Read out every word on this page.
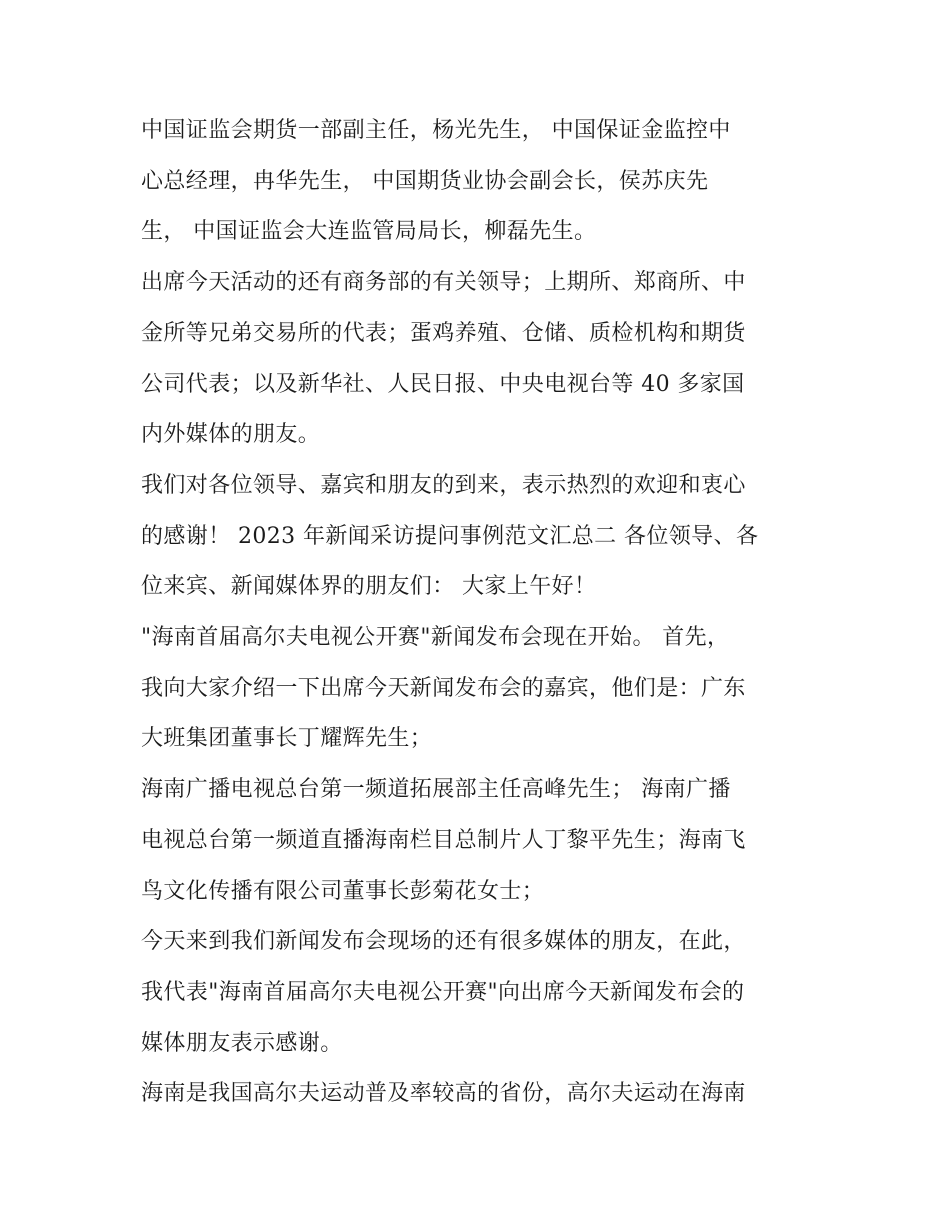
中国证监会期货一部副主任，杨光先生， 中国保证金监控中

心总经理，冉华先生， 中国期货业协会副会长，侯苏庆先

生， 中国证监会大连监管局局长，柳磊先生。

出席今天活动的还有商务部的有关领导；上期所、郑商所、中

金所等兄弟交易所的代表；蛋鸡养殖、仓储、质检机构和期货

公司代表；以及新华社、人民日报、中央电视台等 40 多家国

内外媒体的朋友。

我们对各位领导、嘉宾和朋友的到来，表示热烈的欢迎和衷心

的感谢！ 2023 年新闻采访提问事例范文汇总二 各位领导、各

位来宾、新闻媒体界的朋友们： 大家上午好！

"海南首届高尔夫电视公开赛"新闻发布会现在开始。 首先，

我向大家介绍一下出席今天新闻发布会的嘉宾，他们是：广东

大班集团董事长丁耀辉先生；

海南广播电视总台第一频道拓展部主任高峰先生； 海南广播

电视总台第一频道直播海南栏目总制片人丁黎平先生；海南飞

鸟文化传播有限公司董事长彭菊花女士；

今天来到我们新闻发布会现场的还有很多媒体的朋友，在此，

我代表"海南首届高尔夫电视公开赛"向出席今天新闻发布会的

媒体朋友表示感谢。

海南是我国高尔夫运动普及率较高的省份，高尔夫运动在海南
